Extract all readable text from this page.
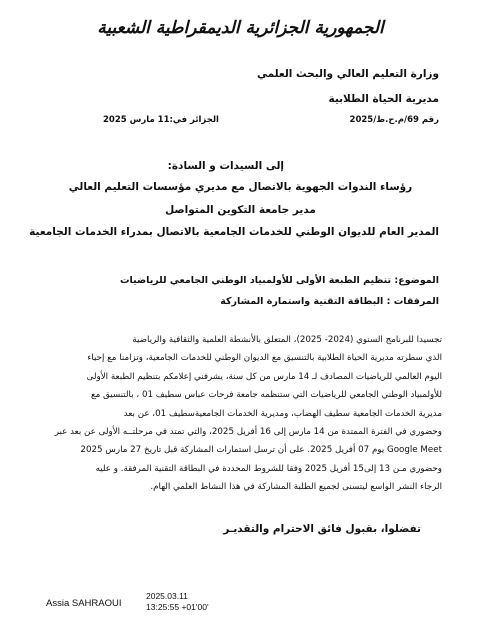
الجمهورية الجزائرية الديمقراطية الشعبية
وزارة التعليم العالي والبحث العلمي
مديرية الحياة الطلابية
رقم 69/م.ح.ط/2025
الجزائر في:11 مارس 2025
إلى السيدات و السادة:
رؤساء الندوات الجهوية بالاتصال مع مديري مؤسسات التعليم العالي
مدير جامعة التكوين المتواصل
المدير العام للديوان الوطني للخدمات الجامعية بالاتصال بمدراء الخدمات الجامعية
الموضوع: تنظيم الطبعة الأولى للأولمبياد الوطني الجامعي للرياضيات
المرفقات : البطاقة التقنية واستمارة المشاركة
تجسيدا للبرنامج السنوي (2024- 2025)، المتعلق بالأنشطة العلمية والثقافية والرياضية
الذي سطرته مديرية الحياة الطلابية بالتنسيق مع الديوان الوطني للخدمات الجامعية، وتزامنا مع إحياء
اليوم العالمي للرياضيات المصادف لـ 14 مارس من كل سنة، يشرفني إعلامكم بتنظيم الطبعة الأولى
للأولمبياد الوطني الجامعي للرياضيات التي ستنظمه جامعة فرحات عباس سطيف 01 ، بالتنسيق مع
مديرية الخدمات الجامعية سطيف الهضاب، ومديرية الخدمات الجامعيةسطيف 01، عن بعد
وحضوري في الفترة الممتدة من 14 مارس إلى 16 أفريل 2025، والتي تمتد في مرحلتــه الأولى عن بعد عبر
Google Meet يوم 07 أفريل 2025. على أن ترسل استمارات المشاركة قبل تاريخ 27 مارس 2025
وحضوري مـن 13 إلى15 أفريل 2025 وفقا للشروط المحددة في البطاقة التقنية المرفقة. و عليه
الرجاء النشر الواسع ليتسنى لجميع الطلبة المشاركة في هذا النشاط العلمي الهام.
تفضلوا، بقبول فائق الاحترام والتقديـر
Assia SAHRAOUI
2025.03.11
13:25:55 +01'00'
